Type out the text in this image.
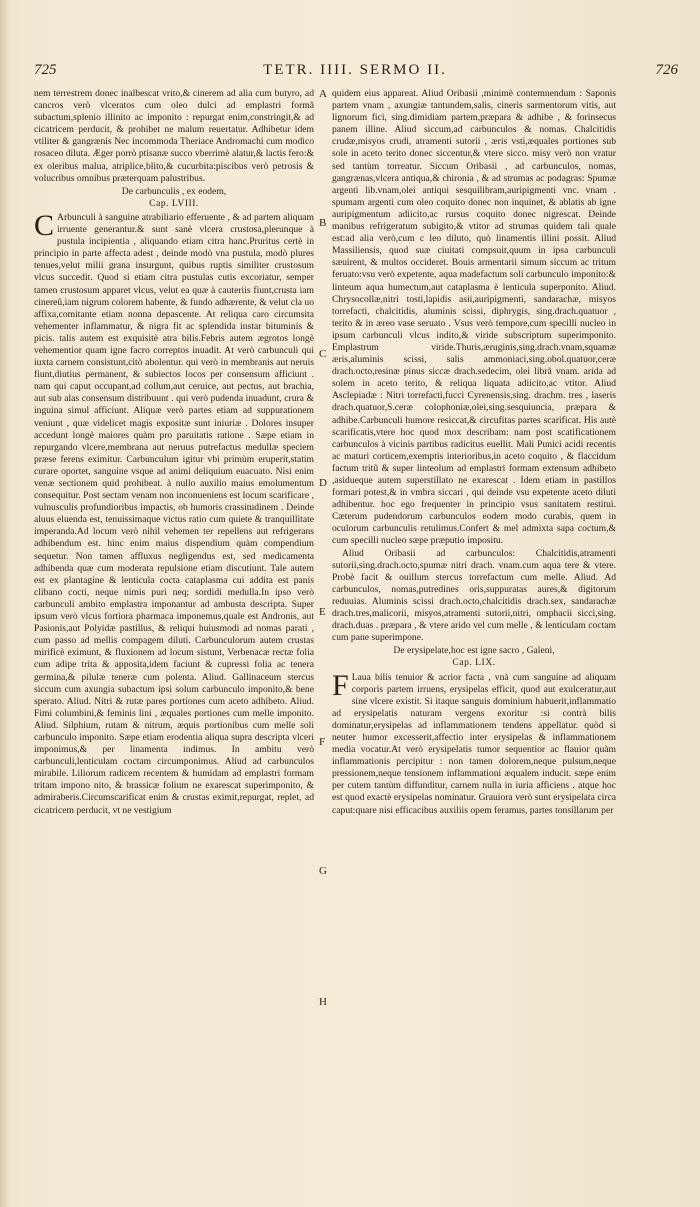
725	TETR. IIII. SERMO II.	726

nem terrestrem donec inalbescat vrito,& cinerem ad alia cum butyro, ad cancros verò vlceratos cum oleo dulci ad emplastri formã subactum,splenio illinito ac imponito : repurgat enim,constringit,& ad cicatricem perducit, & prohibet ne malum reuertatur. Adhibetur idem vtiliter & gangrænis Nec incommoda Theriace Andromachi cum modico rosaceo diluta. Æger porrò ptisanæ succo vberrimè alatur,& lactis fero:& ex oleribus malua, atriplice,blito,& cucurbita:piscibus verò petrosis & volucribus omnibus præterquam palustribus.

De carbunculis , ex eodem,

Cap. LVIII.

C Arbunculi à sanguine atrabiliario efferuente , & ad partem aliquam irruente generantur.& sunt sanè vlcera crustosa,plerunque à pustula incipientia , aliquando etiam citra hanc.Pruritus certè in principio in parte affecta adest , deinde modò vna pustula, modò plures tenues,velut milii grana insurgunt, quibus ruptis similiter crustosum vlcus succedit. Quod si etiam citra pustulas cutis excoriatur, semper tamen crustosum apparet vlcus, velut ea quæ à cauteriis fiunt,crusta iam cinereû,iam nigrum colorem habente, & fundo adhærente, & velut cla uo affixa,comitante etiam nonna depascente. At reliqua caro circumsita vehementer inflammatur, & nigra fit ac splendida instar bituminis & picis. talis autem est exquisitè atra bilis.Febris autem ægrotos longè vehementior quam igne facro correptos inuadit. At verò carbunculi qui iuxta carnem consistunt,citò abolentur. qui verò in membranis aut neruis fiunt,diutius permanent, & subiectos locos per consensum afficiunt . nam qui caput occupant,ad collum,aut ceruice, aut pectus, aut brachia, aut sub alas consensum distribuunt . qui verò pudenda inuadunt, crura & inguina simul afficiunt. Aliquæ verò partes etiam ad suppurationem veniunt , quæ videlicet magis expositæ sunt iniuriæ . Dolores insuper accedunt longè maiores quàm pro paruitatis ratione . Sæpe etiam in repurgando vlcere,membrana aut neruus putrefactus medullæ speciem præse ferens eximitur. Carbunculum igitur vbi primùm eruperit,statim curare oportet, sanguine vsque ad animi deliquium euacuato. Nisi enim venæ sectionem quid prohibeat. à nullo auxilio maius emolumentum consequitur. Post sectam venam non inconueniens est locum scarificare , vulnusculis profundioribus impactis, ob humoris crassitudinem . Deinde aluus eluenda est, tenuissimaque victus ratio cum quiete & tranquillitate imperanda.Ad locum verò nihil vehemen ter repellens aut refrigerans adhibendum est. hinc enim maius dispendium quàm compendium sequetur. Non tamen affluxus negligendus est, sed medicamenta adhibenda quæ cum moderata repulsione etiam discutiunt. Tale autem est ex plantagine & lenticula cocta cataplasma cui addita est panis clibano cocti, neque nimis puri neq; sordidi medulla.In ipso verò carbunculi ambito emplastra imponantur ad ambusta descripta. Super ipsum verò vlcus fortiora pharmaca imponemus,quale est Andronis, aut Pasionis,aut Polyidæ pastillus, & reliqui huiusmodi ad nomas parati , cum passo ad mellis compagem diluti. Carbunculorum autem crustas mirificè eximunt, & fluxionem ad locum sistunt, Verbenacæ rectæ folia cum adipe trita & apposita,idem faciunt & cupressi folia ac tenera germina,& pilulæ teneræ cum polenta. Aliud. Gallinaceum stercus siccum cum axungia subactum ipsi solum carbunculo imponito,& bene sperato. Aliud. Nitri & rutæ pares portiones cum aceto adhibeto. Aliud. Fimi columbini,& feminis lini , æquales portiones cum melle imponito. Aliud. Silphium, rutam & nitrum, æquis portionibus cum melle soli carbunculo imponito. Sæpe etiam erodentia aliqua supra descripta vlceri imponimus,& per linamenta indimus. In ambitu verò carbunculi,lenticulam coctam circumponimus. Aliud ad carbunculos mirabile. Liliorum radicem recentem & humidam ad emplastri formam tritam impono nito, & brassicæ folium ne exarescat superimponito, & admiraberis.Circumscarificat enim & crustas eximit,repurgat, replet, ad cicatricem perducit, vt ne vestigium

A
B
C
D
E
F
G
H

quidem eius appareat. Aliud Oribasii ,minimè contemnendum : Saponis partem vnam , axungiæ tantundem,salis, cineris sarmentorum vitis, aut lignorum fici, sing.dimidiam partem,præpara & adhibe , & forinsecus panem illine. Aliud siccum,ad carbunculos & nomas. Chalcitidis crudæ,misyos crudi, atramenti sutorii , æris vsti,æquales portiones sub sole in aceto terito donec siccentur,& vtere sicco. misy verò non vratur sed tantùm torreatur. Siccum Oribasii , ad carbunculos, nomas, gangrænas,vlcera antiqua,& chironia , & ad strumas ac podagras: Spumæ argenti lib.vnam,olei antiqui sesquilibram,auripigmenti vnc. vnam . spumam argenti cum oleo coquito donec non inquinet, & ablatis ab igne auripigmentum adiicito,ac rursus coquito donec nigrescat. Deinde manibus refrigeratum subigito,& vtitor ad strumas quidem tali quale est:ad alia verò,cum c leo diluto, quò linamentis illini possit. Aliud Massiliensis, quod suæ ciuitati compsuit,quum in ipsa carbunculi sæuirent, & multos occideret. Bouis armentarii simum siccum ac tritum feruato:vsu verò expetente, aqua madefactum soli carbunculo imponito:& linteum aqua humectum,aut cataplasma è lenticula superponito. Aliud. Chrysocollæ,nitri tosti,lapidis asii,auripigmenti, sandarachæ, misyos torrefacti, chalcitidis, aluminis scissi, diphrygis, sing.drach.quatuor , terito & in æreo vase seruato . Vsus verò tempore,cum specilli nucleo in ipsum carbunculi vlcus indito,& viride subscriptum superimponito. Emplastrum viride.Thuris,æruginis,sing.drach.vnam,squamæ æris,aluminis scissi, salis ammoniaci,sing.obol.quatuor,ceræ drach.octo,resinæ pinus siccæ drach.sedecim, olei librã vnam. arida ad solem in aceto terito, & reliqua liquata adiicito,ac vtitor. Aliud Asclepiadæ : Nitri torrefacti,fucci Cyrenensis,sing. drachm. tres , laseris drach.quatuor,S.ceræ colophoniæ,olei,sing.sesquiuncia, præpara & adhibe.Carbunculi humore resiccat,& circufitas partes scarificat. His autè scarificatis,vtere hoc quod mox describam: nam post scatificationem carbunculos à vicinis partibus radicitus euellit. Mali Punici acidi recentis ac maturi corticem,exemptis interioribus,in aceto coquito , & flaccidum factum tritũ & super linteolum ad emplastri formam extensum adhibeto ,asidueque autem superstillato ne exarescat . Idem etiam in pastillos formari potest,& in vmbra siccari , qui deinde vsu expetente aceto diluti adhibentur. hoc ego frequenter in principio vsus sanitatem restitui. Cæterum pudendorum carbunculos eodem modo curabis, quem in oculorum carbunculis retulimus.Confert & mel admixta sapa coctum,& cum specilli nucleo sæpe præputio impositu.

Aliud Oribasii ad carbunculos: Chalcitidis,atramenti sutorii,sing.drach.octo,spumæ nitri drach. vnam.cum aqua tere & vtere. Probè facit & ouillum stercus torrefactum cum melle. Aliud. Ad carbunculos, nomas,putredines oris,suppuratas aures,& digitorum reduuias. Aluminis scissi drach.octo,chalcitidis drach.sex, sandarachæ drach.tres,malicorii, misyos,atramenti sutorii,nitri, omphacii sicci,sing. drach.duas . præpara , & vtere arido vel cum melle , & lenticulam coctam cum pane superimpone.

De erysipelate,hoc est igne sacro , Galeni,

Cap. LIX.

F Laua bilis tenuior & acrior facta , vnà cum sanguine ad aliquam corporis partem irruens, erysipelas efficit, quod aut exulceratur,aut sine vlcere existit. Si itaque sanguis dominium habuerit,inflammatio ad erysipelatis naturam vergens exoritur :si contrà bilis dominatur,erysipelas ad inflammationem tendens appellatur. quòd si neuter humor excesserit,affectio inter erysipelas & inflammationem media vocatur.At verò erysipelatis tumor sequentior ac flauior quàm inflammationis percipitur : non tamen dolorem,neque pulsum,neque pressionem,neque tensionem inflammationi æqualem inducit. sæpe enim per cutem tantùm diffunditur, carnem nulla in iuria afficiens . atque hoc est quod exactè erysipelas nominatur. Grauiora verò sunt erysipelata circa caput:quare nisi efficacibus auxiliis opem feramus, partes tonsillarum per
